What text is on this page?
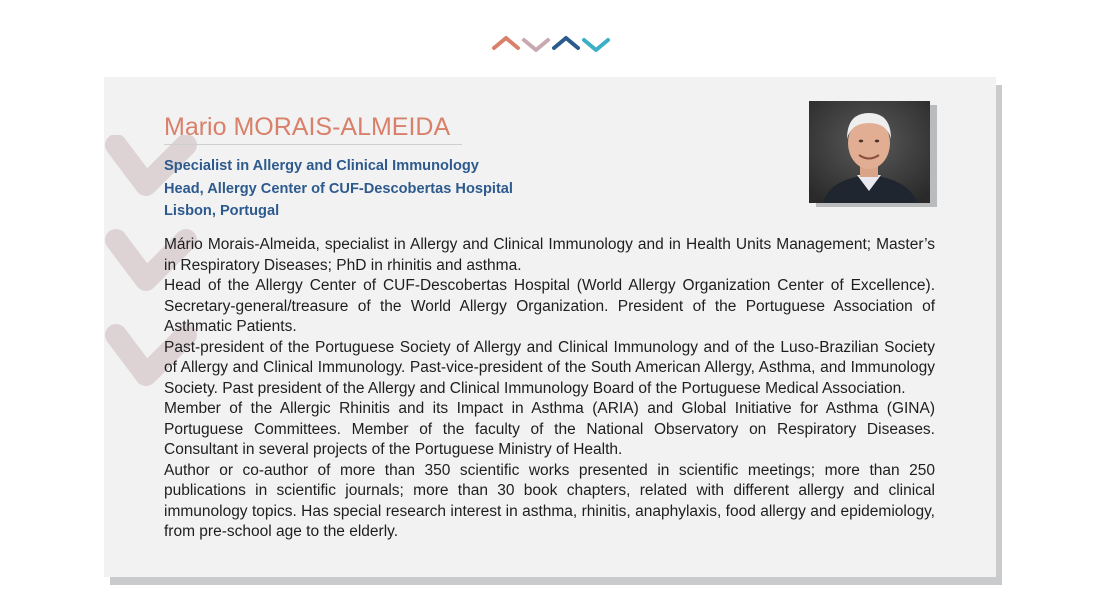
Mario MORAIS-ALMEIDA
Specialist in Allergy and Clinical Immunology
Head, Allergy Center of CUF-Descobertas Hospital
Lisbon, Portugal

Mário Morais-Almeida, specialist in Allergy and Clinical Immunology and in Health Units Management; Master’s in Respiratory Diseases; PhD in rhinitis and asthma.

Head of the Allergy Center of CUF-Descobertas Hospital (World Allergy Organization Center of Excellence). Secretary-general/treasure of the World Allergy Organization. President of the Portuguese Association of Asthmatic Patients.

Past-president of the Portuguese Society of Allergy and Clinical Immunology and of the Luso-Brazilian Society of Allergy and Clinical Immunology. Past-vice-president of the South American Allergy, Asthma, and Immunology Society. Past president of the Allergy and Clinical Immunology Board of the Portuguese Medical Association.

Member of the Allergic Rhinitis and its Impact in Asthma (ARIA) and Global Initiative for Asthma (GINA) Portuguese Committees. Member of the faculty of the National Observatory on Respiratory Diseases. Consultant in several projects of the Portuguese Ministry of Health.

Author or co-author of more than 350 scientific works presented in scientific meetings; more than 250 publications in scientific journals; more than 30 book chapters, related with different allergy and clinical immunology topics. Has special research interest in asthma, rhinitis, anaphylaxis, food allergy and epidemiology, from pre-school age to the elderly.
